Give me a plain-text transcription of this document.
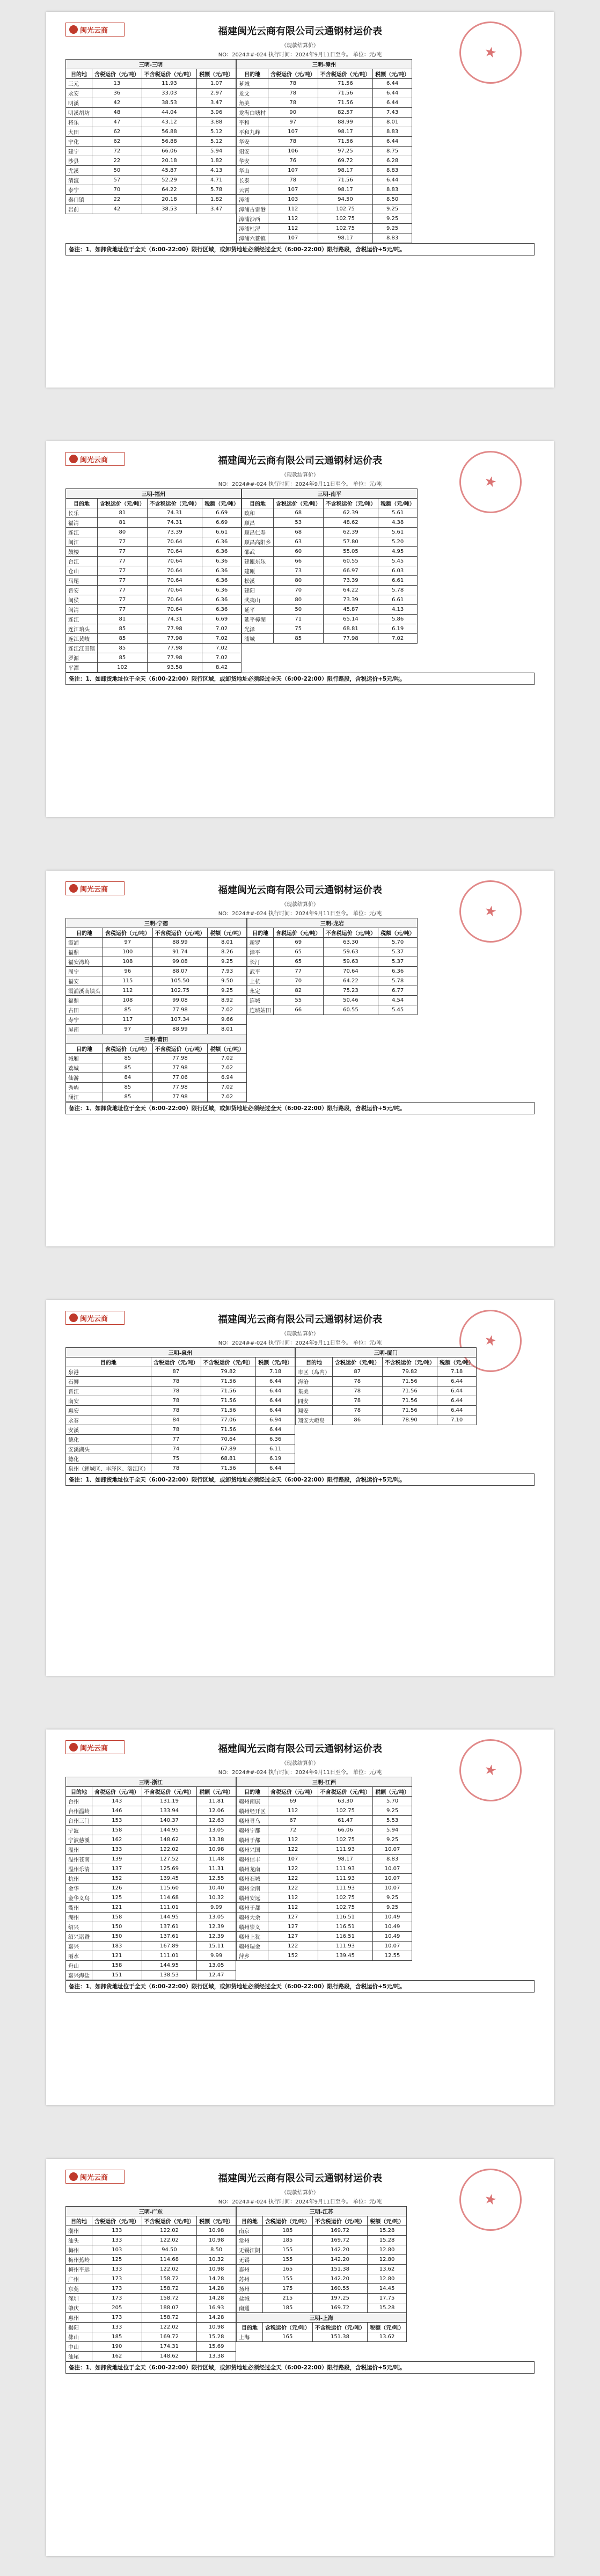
闽光云商	福建闽光云商有限公司云通钢材运价表
（现款结算价）
NO：2024##-024 执行时间：2024年9月11日至今。 单位：元/吨	★
三明-三明			
目的地	含税运价（元/吨）	不含税运价（元/吨）	税额（元/吨）
三元	13	11.93	1.07
永安	36	33.03	2.97
明溪	42	38.53	3.47
明溪胡坊	48	44.04	3.96
将乐	47	43.12	3.88
大田	62	56.88	5.12
宁化	62	56.88	5.12
建宁	72	66.06	5.94
沙县	22	20.18	1.82
尤溪	50	45.87	4.13
清流	57	52.29	4.71
泰宁	70	64.22	5.78
秦口镇	22	20.18	1.82
岩前	42	38.53	3.47
三明-漳州			
目的地	含税运价（元/吨）	不含税运价（元/吨）	税额（元/吨）
芗城	78	71.56	6.44
龙文	78	71.56	6.44
角美	78	71.56	6.44
龙海白塘村	90	82.57	7.43
平和	97	88.99	8.01
平和九峰	107	98.17	8.83
华安	78	71.56	6.44
诏安	106	97.25	8.75
华安	76	69.72	6.28
华山	107	98.17	8.83
长泰	78	71.56	6.44
云霄	107	98.17	8.83
漳浦	103	94.50	8.50
漳浦古雷港	112	102.75	9.25
漳浦沙西	112	102.75	9.25
漳浦杜浔	112	102.75	9.25
漳浦六鳌镇	107	98.17	8.83
备注：1、如卸货地址位于全天（6:00-22:00）限行区域，或卸货地址必须经过全天（6:00-22:00）限行路段，含税运价+5元/吨。
闽光云商	福建闽光云商有限公司云通钢材运价表
（现款结算价）
NO：2024##-024 执行时间：2024年9月11日至今。 单位：元/吨	★
三明-福州			
目的地	含税运价（元/吨）	不含税运价（元/吨）	税额（元/吨）
长乐	81	74.31	6.69
福清	81	74.31	6.69
连江	80	73.39	6.61
闽江	77	70.64	6.36
鼓楼	77	70.64	6.36
台江	77	70.64	6.36
仓山	77	70.64	6.36
马尾	77	70.64	6.36
晋安	77	70.64	6.36
闽侯	77	70.64	6.36
闽清	77	70.64	6.36
连江	81	74.31	6.69
连江琯头	85	77.98	7.02
连江黄岐	85	77.98	7.02
连江江田镇	85	77.98	7.02
罗源	85	77.98	7.02
平潭	102	93.58	8.42
三明-南平			
目的地	含税运价（元/吨）	不含税运价（元/吨）	税额（元/吨）
政和	68	62.39	5.61
顺昌	53	48.62	4.38
顺昌仁寿	68	62.39	5.61
顺昌高阳乡	63	57.80	5.20
邵武	60	55.05	4.95
建瓯东乐	66	60.55	5.45
建瓯	73	66.97	6.03
松溪	80	73.39	6.61
建阳	70	64.22	5.78
武夷山	80	73.39	6.61
延平	50	45.87	4.13
延平樟湖	71	65.14	5.86
光泽	75	68.81	6.19
浦城	85	77.98	7.02
备注：1、如卸货地址位于全天（6:00-22:00）限行区域，或卸货地址必须经过全天（6:00-22:00）限行路段，含税运价+5元/吨。
闽光云商	福建闽光云商有限公司云通钢材运价表
（现款结算价）
NO：2024##-024 执行时间：2024年9月11日至今。 单位：元/吨	★
三明-宁德			
目的地	含税运价（元/吨）	不含税运价（元/吨）	税额（元/吨）
霞浦	97	88.99	8.01
福鼎	100	91.74	8.26
福安湾坞	108	99.08	9.25
周宁	96	88.07	7.93
福安	115	105.50	9.50
霞浦溪南镇头	112	102.75	9.25
福鼎	108	99.08	8.92
古田	85	77.98	7.02
寿宁	117	107.34	9.66
屏南	97	88.99	8.01
三明-莆田			
目的地	含税运价（元/吨）	不含税运价（元/吨）	税额（元/吨）
城厢	85	77.98	7.02
荔城	85	77.98	7.02
仙游	84	77.06	6.94
秀屿	85	77.98	7.02
涵江	85	77.98	7.02
三明-龙岩			
目的地	含税运价（元/吨）	不含税运价（元/吨）	税额（元/吨）
新罗	69	63.30	5.70
漳平	65	59.63	5.37
长汀	65	59.63	5.37
武平	77	70.64	6.36
上杭	70	64.22	5.78
永定	82	75.23	6.77
连城	55	50.46	4.54
连城姑田	66	60.55	5.45
备注：1、如卸货地址位于全天（6:00-22:00）限行区域，或卸货地址必须经过全天（6:00-22:00）限行路段，含税运价+5元/吨。
闽光云商	福建闽光云商有限公司云通钢材运价表
（现款结算价）
NO：2024##-024 执行时间：2024年9月11日至今。 单位：元/吨	★
三明-泉州			
目的地	含税运价（元/吨）	不含税运价（元/吨）	税额（元/吨）
泉港	87	79.82	7.18
石狮	78	71.56	6.44
晋江	78	71.56	6.44
南安	78	71.56	6.44
惠安	78	71.56	6.44
永春	84	77.06	6.94
安溪	78	71.56	6.44
德化	77	70.64	6.36
安溪湖头	74	67.89	6.11
德化	75	68.81	6.19
泉州（鲤城区、丰泽区、洛江区）	78	71.56	6.44
三明-厦门			
目的地	含税运价（元/吨）	不含税运价（元/吨）	税额（元/吨）
市区（岛内）	87	79.82	7.18
海沧	78	71.56	6.44
集美	78	71.56	6.44
同安	78	71.56	6.44
翔安	78	71.56	6.44
翔安大嶝岛	86	78.90	7.10
备注：1、如卸货地址位于全天（6:00-22:00）限行区域，或卸货地址必须经过全天（6:00-22:00）限行路段，含税运价+5元/吨。
闽光云商	福建闽光云商有限公司云通钢材运价表
（现款结算价）
NO：2024##-024 执行时间：2024年9月11日至今。 单位：元/吨	★
三明-浙江			
目的地	含税运价（元/吨）	不含税运价（元/吨）	税额（元/吨）
台州	143	131.19	11.81
台州温岭	146	133.94	12.06
台州三门	153	140.37	12.63
宁波	158	144.95	13.05
宁波慈溪	162	148.62	13.38
温州	133	122.02	10.98
温州苍南	139	127.52	11.48
温州乐清	137	125.69	11.31
杭州	152	139.45	12.55
金华	126	115.60	10.40
金华义乌	125	114.68	10.32
衢州	121	111.01	9.99
湖州	158	144.95	13.05
绍兴	150	137.61	12.39
绍兴诸暨	150	137.61	12.39
嘉兴	183	167.89	15.11
丽水	121	111.01	9.99
舟山	158	144.95	13.05
嘉兴海盐	151	138.53	12.47
三明-江西			
目的地	含税运价（元/吨）	不含税运价（元/吨）	税额（元/吨）
赣州南康	69	63.30	5.70
赣州经开区	112	102.75	9.25
赣州寻乌	67	61.47	5.53
赣州宁都	72	66.06	5.94
赣州于都	112	102.75	9.25
赣州兴国	122	111.93	10.07
赣州信丰	107	98.17	8.83
赣州龙南	122	111.93	10.07
赣州石城	122	111.93	10.07
赣州全南	122	111.93	10.07
赣州安远	112	102.75	9.25
赣州于都	112	102.75	9.25
赣州大余	127	116.51	10.49
赣州崇义	127	116.51	10.49
赣州上犹	127	116.51	10.49
赣州瑞金	122	111.93	10.07
萍乡	152	139.45	12.55
备注：1、如卸货地址位于全天（6:00-22:00）限行区域，或卸货地址必须经过全天（6:00-22:00）限行路段，含税运价+5元/吨。
闽光云商	福建闽光云商有限公司云通钢材运价表
（现款结算价）
NO：2024##-024 执行时间：2024年9月11日至今。 单位：元/吨	★
三明-广东			
目的地	含税运价（元/吨）	不含税运价（元/吨）	税额（元/吨）
潮州	133	122.02	10.98
汕头	133	122.02	10.98
梅州	103	94.50	8.50
梅州蕉岭	125	114.68	10.32
梅州平远	133	122.02	10.98
广州	173	158.72	14.28
东莞	173	158.72	14.28
深圳	173	158.72	14.28
肇庆	205	188.07	16.93
惠州	173	158.72	14.28
揭阳	133	122.02	10.98
佛山	185	169.72	15.28
中山	190	174.31	15.69
汕尾	162	148.62	13.38
三明-江苏			
目的地	含税运价（元/吨）	不含税运价（元/吨）	税额（元/吨）
南京	185	169.72	15.28
常州	185	169.72	15.28
无锡江阴	155	142.20	12.80
无锡	155	142.20	12.80
泰州	165	151.38	13.62
苏州	155	142.20	12.80
扬州	175	160.55	14.45
盐城	215	197.25	17.75
南通	185	169.72	15.28
三明-上海			
目的地	含税运价（元/吨）	不含税运价（元/吨）	税额（元/吨）
上海	165	151.38	13.62
备注：1、如卸货地址位于全天（6:00-22:00）限行区域，或卸货地址必须经过全天（6:00-22:00）限行路段，含税运价+5元/吨。
